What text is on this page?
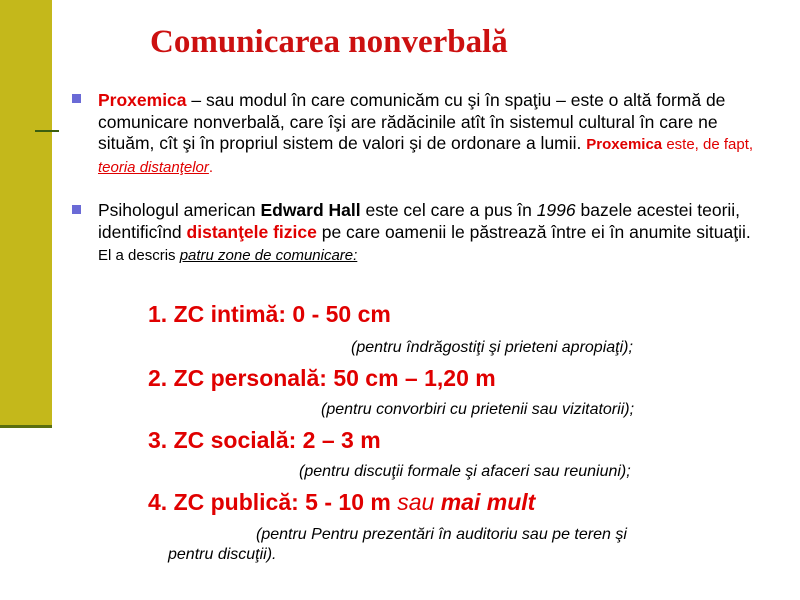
Comunicarea nonverbală
Proxemica – sau modul în care comunicăm cu şi în spaţiu – este o altă formă de comunicare nonverbală, care îşi are rădăcinile atît în sistemul cultural în care ne situăm, cît şi în propriul sistem de valori şi de ordonare a lumii. Proxemica este, de fapt, teoria distanţelor.
Psihologul american Edward Hall este cel care a pus în 1996 bazele acestei teorii, identificînd distanţele fizice pe care oamenii le păstrează între ei în anumite situaţii. El a descris patru zone de comunicare:
1. ZC intimă: 0 - 50 cm
(pentru îndrăgostiţi şi prieteni apropiaţi);
2. ZC personală: 50 cm – 1,20 m
(pentru convorbiri cu prietenii sau vizitatorii);
3. ZC socială: 2 – 3 m
(pentru discuţii formale şi afaceri sau reuniuni);
4. ZC publică: 5 - 10 m sau mai mult
(pentru Pentru prezentări în auditoriu sau pe teren şi
pentru discuţii).
